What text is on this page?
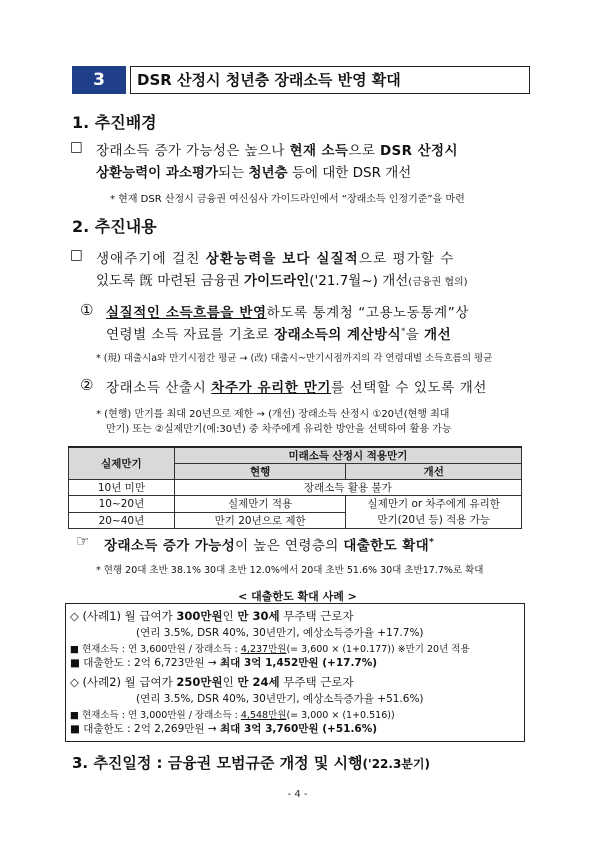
3	DSR 산정시 청년층 장래소득 반영 확대
1. 추진배경
□ 장래소득 증가 가능성은 높으나 현재 소득으로 DSR 산정시
상환능력이 과소평가되는 청년층 등에 대한 DSR 개선
* 현재 DSR 산정시 금융권 여신심사 가이드라인에서 “장래소득 인정기준”을 마련
2. 추진내용
□ 생애주기에 걸친 상환능력을 보다 실질적으로 평가할 수
있도록 旣 마련된 금융권 가이드라인('21.7월~) 개선(금융권 협의)
① 실질적인 소득흐름을 반영하도록 통계청 “고용노동통계”상
연령별 소득 자료를 기초로 장래소득의 계산방식*을 개선
* (現) 대출시a와 만기시점간 평균 → (改) 대출시~만기시점까지의 각 연령대별 소득흐름의 평균
② 장래소득 산출시 차주가 유리한 만기를 선택할 수 있도록 개선
* (현행) 만기를 최대 20년으로 제한 → (개선) 장래소득 산정시 ①20년(현행 최대
만기) 또는 ②실제만기(예:30년) 중 차주에게 유리한 방안을 선택하여 활용 가능
실제만기	미래소득 산정시 적용만기	
	현행	개선
10년 미만	장래소득 활용 불가	
10~20년	실제만기 적용	실제만기 or 차주에게 유리한
만기(20년 등) 적용 가능

20~40년	만기 20년으로 제한	
☞ 장래소득 증가 가능성이 높은 연령층의 대출한도 확대*
* 현행 20대 초반 38.1% 30대 초반 12.0%에서 20대 초반 51.6% 30대 초반17.7%로 확대
< 대출한도 확대 사례 >
◇ (사례1) 월 급여가 300만원인 만 30세 무주택 근로자
(연리 3.5%, DSR 40%, 30년만기, 예상소득증가율 +17.7%)
■ 현재소득 : 연 3,600만원 / 장래소득 : 4,237만원(= 3,600 × (1+0.177)) ※만기 20년 적용
■ 대출한도 : 2억 6,723만원 → 최대 3억 1,452만원 (+17.7%)
◇ (사례2) 월 급여가 250만원인 만 24세 무주택 근로자
(연리 3.5%, DSR 40%, 30년만기, 예상소득증가율 +51.6%)
■ 현재소득 : 연 3,000만원 / 장래소득 : 4,548만원(= 3,000 × (1+0.516))
■ 대출한도 : 2억 2,269만원 → 최대 3억 3,760만원 (+51.6%)
3. 추진일정 : 금융권 모범규준 개정 및 시행('22.3분기)
- 4 -
